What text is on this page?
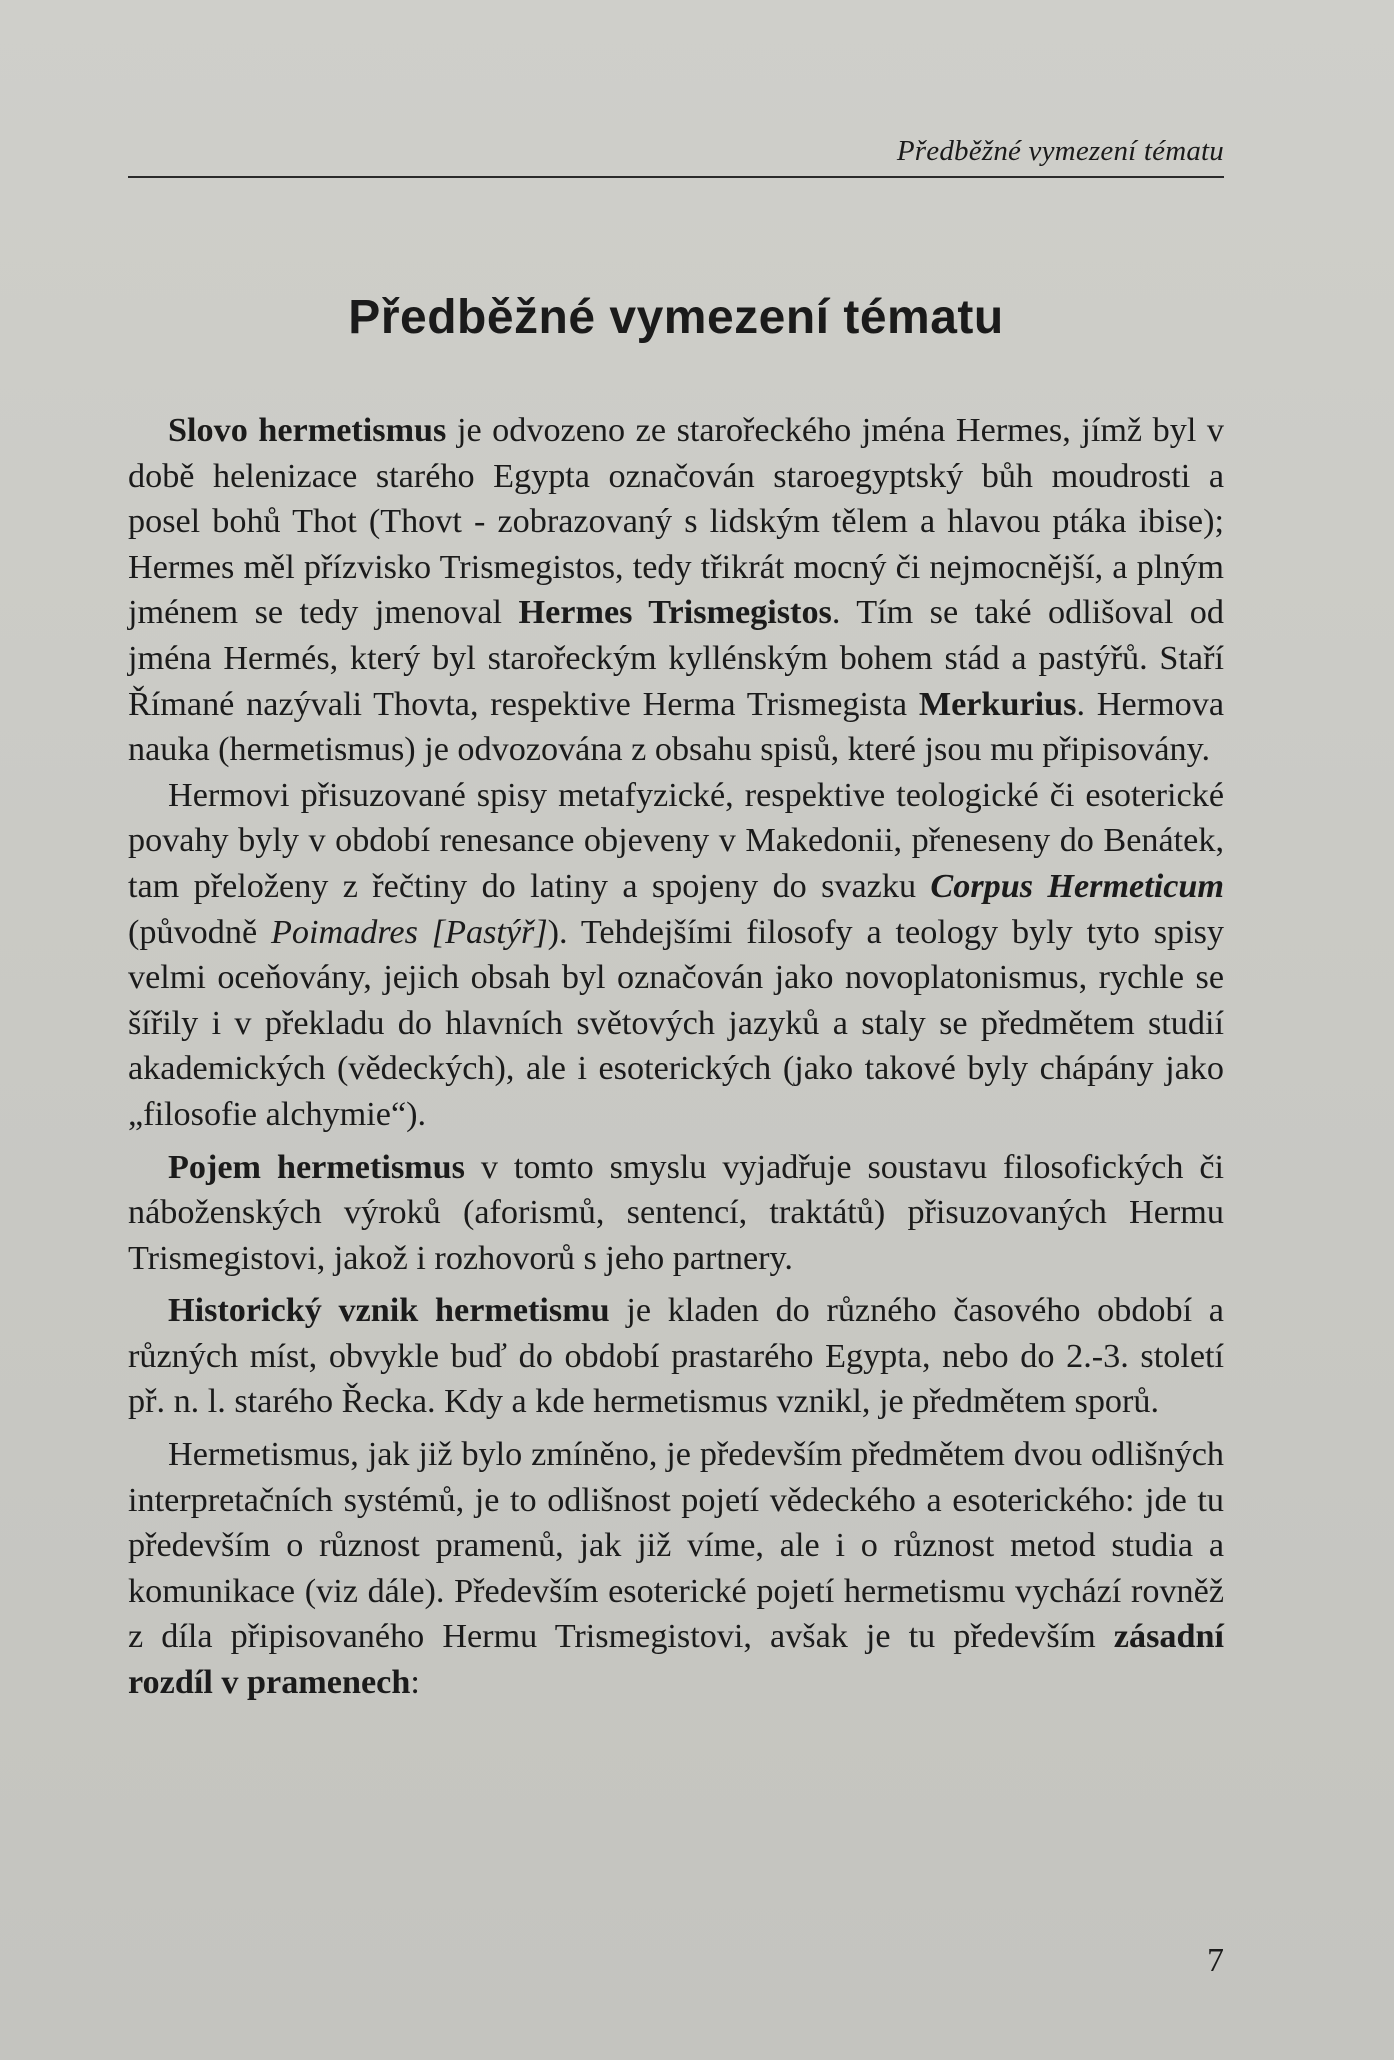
Předběžné vymezení tématu
Předběžné vymezení tématu

Slovo hermetismus je odvozeno ze starořeckého jména Hermes, jímž byl v době helenizace starého Egypta označován staroegyptský bůh moudrosti a posel bohů Thot (Thovt - zobrazovaný s lidským tělem a hlavou ptáka ibise); Hermes měl přízvisko Trismegistos, tedy třikrát mocný či nejmocnější, a plným jménem se tedy jmenoval Hermes Trismegistos. Tím se také odlišoval od jména Hermés, který byl starořeckým kyllénským bohem stád a pastýřů. Staří Římané nazývali Thovta, respektive Herma Trismegista Merkurius. Hermova nauka (hermetismus) je odvozována z obsahu spisů, které jsou mu připisovány.

Hermovi přisuzované spisy metafyzické, respektive teologické či esoterické povahy byly v období renesance objeveny v Makedonii, přeneseny do Benátek, tam přeloženy z řečtiny do latiny a spojeny do svazku Corpus Hermeticum (původně Poimadres [Pastýř]). Tehdejšími filosofy a teology byly tyto spisy velmi oceňovány, jejich obsah byl označován jako novoplatonismus, rychle se šířily i v překladu do hlavních světových jazyků a staly se předmětem studií akademických (vědeckých), ale i esoterických (jako takové byly chápány jako „filosofie alchymie“).

Pojem hermetismus v tomto smyslu vyjadřuje soustavu filosofických či náboženských výroků (aforismů, sentencí, traktátů) přisuzovaných Hermu Trismegistovi, jakož i rozhovorů s jeho partnery.

Historický vznik hermetismu je kladen do různého časového období a různých míst, obvykle buď do období prastarého Egypta, nebo do 2.-3. století př. n. l. starého Řecka. Kdy a kde hermetismus vznikl, je předmětem sporů.

Hermetismus, jak již bylo zmíněno, je především předmětem dvou odlišných interpretačních systémů, je to odlišnost pojetí vědeckého a esoterického: jde tu především o různost pramenů, jak již víme, ale i o různost metod studia a komunikace (viz dále). Především esoterické pojetí hermetismu vychází rovněž z díla připisovaného Hermu Trismegistovi, avšak je tu především zásadní rozdíl v pramenech:

7
